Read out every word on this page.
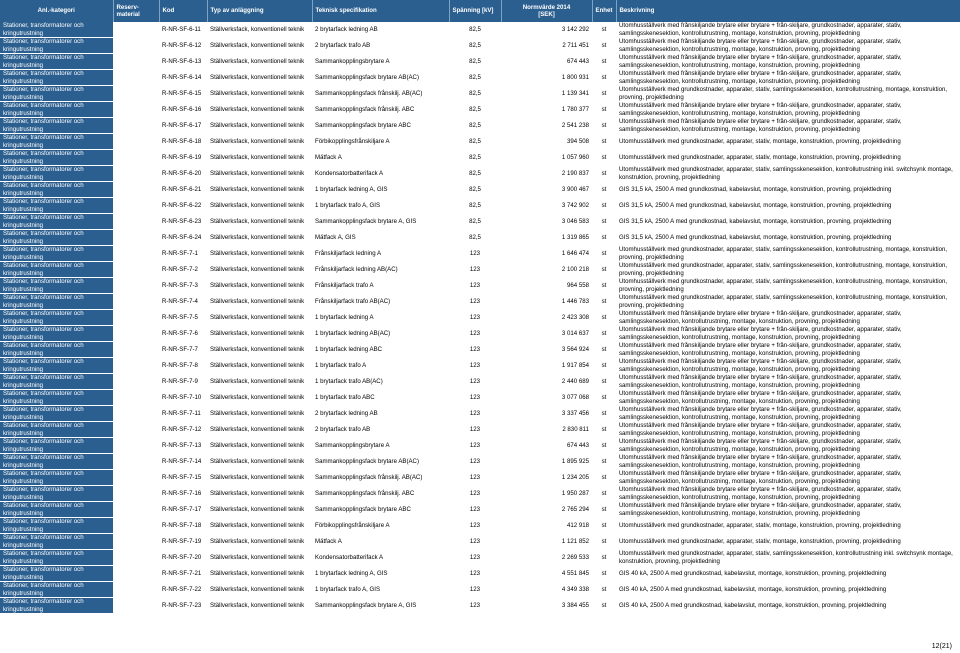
Anl.-kategori	Reserv-
material	Kod	Typ av anläggning	Teknisk specifikation	Spänning [kV]	Normvärde 2014
[SEK]	Enhet	Beskrivning
Stationer, transformatorer och kringutrustning		R-NR-SF-6-11	Ställverksfack, konventionell teknik	2 brytarfack ledning AB	82,5	3 142 292	st	Utomhusställverk med frånskiljande brytare eller brytare + från-skiljare, grundkostnader, apparater, stativ, samlingsskenesektion, kontrollutrustning, montage, konstruktion, provning, projektledning
Stationer, transformatorer och kringutrustning		R-NR-SF-6-12	Ställverksfack, konventionell teknik	2 brytarfack trafo AB	82,5	2 711 451	st	Utomhusställverk med frånskiljande brytare eller brytare + från-skiljare, grundkostnader, apparater, stativ, samlingsskenesektion, kontrollutrustning, montage, konstruktion, provning, projektledning
Stationer, transformatorer och kringutrustning		R-NR-SF-6-13	Ställverksfack, konventionell teknik	Sammankopplingsbrytare A	82,5	674 443	st	Utomhusställverk med frånskiljande brytare eller brytare + från-skiljare, grundkostnader, apparater, stativ, samlingsskenesektion, kontrollutrustning, montage, konstruktion, provning, projektledning
Stationer, transformatorer och kringutrustning		R-NR-SF-6-14	Ställverksfack, konventionell teknik	Sammankopplingsfack brytare AB(AC)	82,5	1 800 931	st	Utomhusställverk med frånskiljande brytare eller brytare + från-skiljare, grundkostnader, apparater, stativ, samlingsskenesektion, kontrollutrustning, montage, konstruktion, provning, projektledning
Stationer, transformatorer och kringutrustning		R-NR-SF-6-15	Ställverksfack, konventionell teknik	Sammankopplingsfack frånskilj. AB(AC)	82,5	1 139 341	st	Utomhusställverk med grundkostnader, apparater, stativ, samlingsskenesektion, kontrollutrustning, montage, konstruktion, provning, projektledning
Stationer, transformatorer och kringutrustning		R-NR-SF-6-16	Ställverksfack, konventionell teknik	Sammankopplingsfack frånskilj. ABC	82,5	1 780 377	st	Utomhusställverk med frånskiljande brytare eller brytare + från-skiljare, grundkostnader, apparater, stativ, samlingsskenesektion, kontrollutrustning, montage, konstruktion, provning, projektledning
Stationer, transformatorer och kringutrustning		R-NR-SF-6-17	Ställverksfack, konventionell teknik	Sammankopplingsfack brytare ABC	82,5	2 541 238	st	Utomhusställverk med frånskiljande brytare eller brytare + från-skiljare, grundkostnader, apparater, stativ, samlingsskenesektion, kontrollutrustning, montage, konstruktion, provning, projektledning
Stationer, transformatorer och kringutrustning		R-NR-SF-6-18	Ställverksfack, konventionell teknik	Förbikopplingsfrånskiljare A	82,5	394 508	st	Utomhusställverk med grundkostnader, apparater, stativ, montage, konstruktion, provning, projektledning
Stationer, transformatorer och kringutrustning		R-NR-SF-6-19	Ställverksfack, konventionell teknik	Mätfack A	82,5	1 057 960	st	Utomhusställverk med grundkostnader, apparater, stativ, montage, konstruktion, provning, projektledning
Stationer, transformatorer och kringutrustning		R-NR-SF-6-20	Ställverksfack, konventionell teknik	Kondensatorbatterifack A	82,5	2 190 837	st	Utomhusställverk med grundkostnader, apparater, stativ, samlingsskenesektion, kontrollutrustning inkl. switchsynk montage, konstruktion, provning, projektledning
Stationer, transformatorer och kringutrustning		R-NR-SF-6-21	Ställverksfack, konventionell teknik	1 brytarfack ledning A, GIS	82,5	3 900 467	st	GIS 31,5 kA, 2500 A med grundkostnad, kabelavslut, montage, konstruktion, provning, projektledning
Stationer, transformatorer och kringutrustning		R-NR-SF-6-22	Ställverksfack, konventionell teknik	1 brytarfack trafo A, GIS	82,5	3 742 902	st	GIS 31,5 kA, 2500 A med grundkostnad, kabelavslut, montage, konstruktion, provning, projektledning
Stationer, transformatorer och kringutrustning		R-NR-SF-6-23	Ställverksfack, konventionell teknik	Sammankopplingsfack brytare A, GIS	82,5	3 046 583	st	GIS 31,5 kA, 2500 A med grundkostnad, kabelavslut, montage, konstruktion, provning, projektledning
Stationer, transformatorer och kringutrustning		R-NR-SF-6-24	Ställverksfack, konventionell teknik	Mätfack A, GIS	82,5	1 319 865	st	GIS 31,5 kA, 2500 A med grundkostnad, kabelavslut, montage, konstruktion, provning, projektledning
Stationer, transformatorer och kringutrustning		R-NR-SF-7-1	Ställverksfack, konventionell teknik	Frånskiljarfack ledning A	123	1 646 474	st	Utomhusställverk med grundkostnader, apparater, stativ, samlingsskenesektion, kontrollutrustning, montage, konstruktion, provning, projektledning
Stationer, transformatorer och kringutrustning		R-NR-SF-7-2	Ställverksfack, konventionell teknik	Frånskiljarfack ledning AB(AC)	123	2 100 218	st	Utomhusställverk med grundkostnader, apparater, stativ, samlingsskenesektion, kontrollutrustning, montage, konstruktion, provning, projektledning
Stationer, transformatorer och kringutrustning		R-NR-SF-7-3	Ställverksfack, konventionell teknik	Frånskiljarfack trafo A	123	964 558	st	Utomhusställverk med grundkostnader, apparater, stativ, samlingsskenesektion, kontrollutrustning, montage, konstruktion, provning, projektledning
Stationer, transformatorer och kringutrustning		R-NR-SF-7-4	Ställverksfack, konventionell teknik	Frånskiljarfack trafo AB(AC)	123	1 446 783	st	Utomhusställverk med grundkostnader, apparater, stativ, samlingsskenesektion, kontrollutrustning, montage, konstruktion, provning, projektledning
Stationer, transformatorer och kringutrustning		R-NR-SF-7-5	Ställverksfack, konventionell teknik	1 brytarfack ledning A	123	2 423 308	st	Utomhusställverk med frånskiljande brytare eller brytare + från-skiljare, grundkostnader, apparater, stativ, samlingsskenesektion, kontrollutrustning, montage, konstruktion, provning, projektledning
Stationer, transformatorer och kringutrustning		R-NR-SF-7-6	Ställverksfack, konventionell teknik	1 brytarfack ledning AB(AC)	123	3 014 637	st	Utomhusställverk med frånskiljande brytare eller brytare + från-skiljare, grundkostnader, apparater, stativ, samlingsskenesektion, kontrollutrustning, montage, konstruktion, provning, projektledning
Stationer, transformatorer och kringutrustning		R-NR-SF-7-7	Ställverksfack, konventionell teknik	1 brytarfack ledning ABC	123	3 564 924	st	Utomhusställverk med frånskiljande brytare eller brytare + från-skiljare, grundkostnader, apparater, stativ, samlingsskenesektion, kontrollutrustning, montage, konstruktion, provning, projektledning
Stationer, transformatorer och kringutrustning		R-NR-SF-7-8	Ställverksfack, konventionell teknik	1 brytarfack trafo A	123	1 917 854	st	Utomhusställverk med frånskiljande brytare eller brytare + från-skiljare, grundkostnader, apparater, stativ, samlingsskenesektion, kontrollutrustning, montage, konstruktion, provning, projektledning
Stationer, transformatorer och kringutrustning		R-NR-SF-7-9	Ställverksfack, konventionell teknik	1 brytarfack trafo AB(AC)	123	2 440 689	st	Utomhusställverk med frånskiljande brytare eller brytare + från-skiljare, grundkostnader, apparater, stativ, samlingsskenesektion, kontrollutrustning, montage, konstruktion, provning, projektledning
Stationer, transformatorer och kringutrustning		R-NR-SF-7-10	Ställverksfack, konventionell teknik	1 brytarfack trafo ABC	123	3 077 068	st	Utomhusställverk med frånskiljande brytare eller brytare + från-skiljare, grundkostnader, apparater, stativ, samlingsskenesektion, kontrollutrustning, montage, konstruktion, provning, projektledning
Stationer, transformatorer och kringutrustning		R-NR-SF-7-11	Ställverksfack, konventionell teknik	2 brytarfack ledning AB	123	3 337 456	st	Utomhusställverk med frånskiljande brytare eller brytare + från-skiljare, grundkostnader, apparater, stativ, samlingsskenesektion, kontrollutrustning, montage, konstruktion, provning, projektledning
Stationer, transformatorer och kringutrustning		R-NR-SF-7-12	Ställverksfack, konventionell teknik	2 brytarfack trafo AB	123	2 830 811	st	Utomhusställverk med frånskiljande brytare eller brytare + från-skiljare, grundkostnader, apparater, stativ, samlingsskenesektion, kontrollutrustning, montage, konstruktion, provning, projektledning
Stationer, transformatorer och kringutrustning		R-NR-SF-7-13	Ställverksfack, konventionell teknik	Sammankopplingsbrytare A	123	674 443	st	Utomhusställverk med frånskiljande brytare eller brytare + från-skiljare, grundkostnader, apparater, stativ, samlingsskenesektion, kontrollutrustning, montage, konstruktion, provning, projektledning
Stationer, transformatorer och kringutrustning		R-NR-SF-7-14	Ställverksfack, konventionell teknik	Sammankopplingsfack brytare AB(AC)	123	1 895 925	st	Utomhusställverk med frånskiljande brytare eller brytare + från-skiljare, grundkostnader, apparater, stativ, samlingsskenesektion, kontrollutrustning, montage, konstruktion, provning, projektledning
Stationer, transformatorer och kringutrustning		R-NR-SF-7-15	Ställverksfack, konventionell teknik	Sammankopplingsfack frånskilj. AB(AC)	123	1 234 205	st	Utomhusställverk med frånskiljande brytare eller brytare + från-skiljare, grundkostnader, apparater, stativ, samlingsskenesektion, kontrollutrustning, montage, konstruktion, provning, projektledning
Stationer, transformatorer och kringutrustning		R-NR-SF-7-16	Ställverksfack, konventionell teknik	Sammankopplingsfack frånskilj. ABC	123	1 950 287	st	Utomhusställverk med frånskiljande brytare eller brytare + från-skiljare, grundkostnader, apparater, stativ, samlingsskenesektion, kontrollutrustning, montage, konstruktion, provning, projektledning
Stationer, transformatorer och kringutrustning		R-NR-SF-7-17	Ställverksfack, konventionell teknik	Sammankopplingsfack brytare ABC	123	2 765 294	st	Utomhusställverk med frånskiljande brytare eller brytare + från-skiljare, grundkostnader, apparater, stativ, samlingsskenesektion, kontrollutrustning, montage, konstruktion, provning, projektledning
Stationer, transformatorer och kringutrustning		R-NR-SF-7-18	Ställverksfack, konventionell teknik	Förbikopplingsfrånskiljare A	123	412 918	st	Utomhusställverk med grundkostnader, apparater, stativ, montage, konstruktion, provning, projektledning
Stationer, transformatorer och kringutrustning		R-NR-SF-7-19	Ställverksfack, konventionell teknik	Mätfack A	123	1 121 852	st	Utomhusställverk med grundkostnader, apparater, stativ, montage, konstruktion, provning, projektledning
Stationer, transformatorer och kringutrustning		R-NR-SF-7-20	Ställverksfack, konventionell teknik	Kondensatorbatterifack A	123	2 269 533	st	Utomhusställverk med grundkostnader, apparater, stativ, samlingsskenesektion, kontrollutrustning inkl. switchsynk montage, konstruktion, provning, projektledning
Stationer, transformatorer och kringutrustning		R-NR-SF-7-21	Ställverksfack, konventionell teknik	1 brytarfack ledning A, GIS	123	4 551 845	st	GIS 40 kA, 2500 A med grundkostnad, kabelavslut, montage, konstruktion, provning, projektledning
Stationer, transformatorer och kringutrustning		R-NR-SF-7-22	Ställverksfack, konventionell teknik	1 brytarfack trafo A, GIS	123	4 349 338	st	GIS 40 kA, 2500 A med grundkostnad, kabelavslut, montage, konstruktion, provning, projektledning
Stationer, transformatorer och kringutrustning		R-NR-SF-7-23	Ställverksfack, konventionell teknik	Sammankopplingsfack brytare A, GIS	123	3 384 455	st	GIS 40 kA, 2500 A med grundkostnad, kabelavslut, montage, konstruktion, provning, projektledning
12(21)
